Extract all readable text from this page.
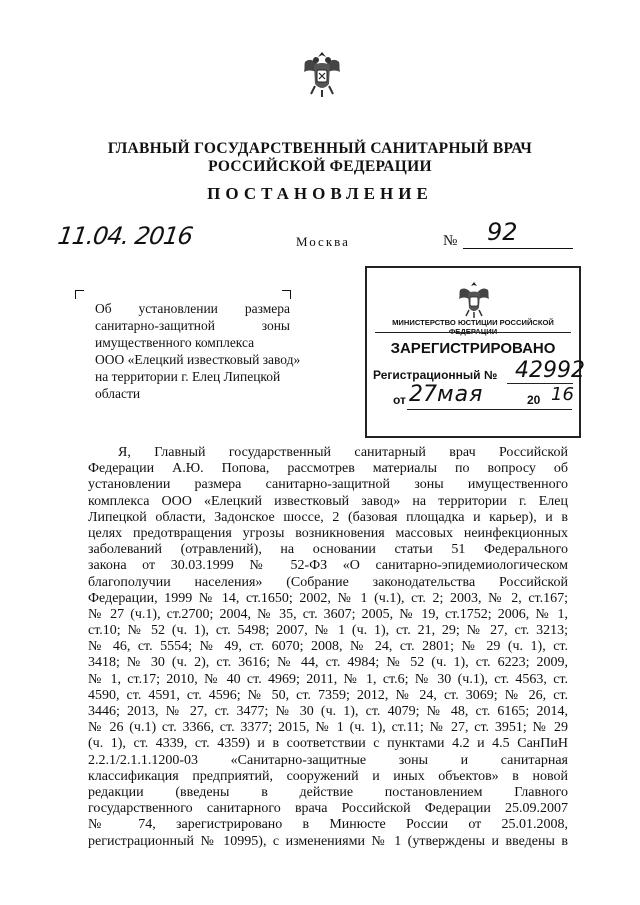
ГЛАВНЫЙ ГОСУДАРСТВЕННЫЙ САНИТАРНЫЙ ВРАЧ
РОССИЙСКОЙ ФЕДЕРАЦИИ
ПОСТАНОВЛЕНИЕ
11.04. 2016	Москва	№ 92
Об установлении размера
санитарно-защитной зоны
имущественного комплекса
ООО «Елецкий известковый завод»
на территории г. Елец Липецкой
области
МИНИСТЕРСТВО ЮСТИЦИИ РОССИЙСКОЙ ФЕДЕРАЦИИ
ЗАРЕГИСТРИРОВАНО
Регистрационный № 42992
от 27 мая	20 16
Я, Главный государственный санитарный врач Российской
Федерации А.Ю. Попова, рассмотрев материалы по вопросу об
установлении размера санитарно-защитной зоны имущественного
комплекса ООО «Елецкий известковый завод» на территории г. Елец
Липецкой области, Задонское шоссе, 2 (базовая площадка и карьер), и в
целях предотвращения угрозы возникновения массовых неинфекционных
заболеваний (отравлений), на основании статьи 51 Федерального
закона от 30.03.1999 № 52-ФЗ «О санитарно-эпидемиологическом
благополучии населения» (Собрание законодательства Российской
Федерации, 1999 № 14, ст.1650; 2002, № 1 (ч.1), ст. 2; 2003, № 2, ст.167;
№ 27 (ч.1), ст.2700; 2004, № 35, ст. 3607; 2005, № 19, ст.1752; 2006, № 1,
ст.10; № 52 (ч. 1), ст. 5498; 2007, № 1 (ч. 1), ст. 21, 29; № 27, ст. 3213;
№ 46, ст. 5554; № 49, ст. 6070; 2008, № 24, ст. 2801; № 29 (ч. 1), ст.
3418; № 30 (ч. 2), ст. 3616; № 44, ст. 4984; № 52 (ч. 1), ст. 6223; 2009,
№ 1, ст.17; 2010, № 40 ст. 4969; 2011, № 1, ст.6; № 30 (ч.1), ст. 4563, ст.
4590, ст. 4591, ст. 4596; № 50, ст. 7359; 2012, № 24, ст. 3069; № 26, ст.
3446; 2013, № 27, ст. 3477; № 30 (ч. 1), ст. 4079; № 48, ст. 6165; 2014,
№ 26 (ч.1) ст. 3366, ст. 3377; 2015, № 1 (ч. 1), ст.11; № 27, ст. 3951; № 29
(ч. 1), ст. 4339, ст. 4359) и в соответствии с пунктами 4.2 и 4.5 СанПиН
2.2.1/2.1.1.1200-03 «Санитарно-защитные зоны и санитарная
классификация предприятий, сооружений и иных объектов» в новой
редакции (введены в действие постановлением Главного
государственного санитарного врача Российской Федерации 25.09.2007
№ 74, зарегистрировано в Минюсте России от 25.01.2008,
регистрационный № 10995), с изменениями № 1 (утверждены и введены в
